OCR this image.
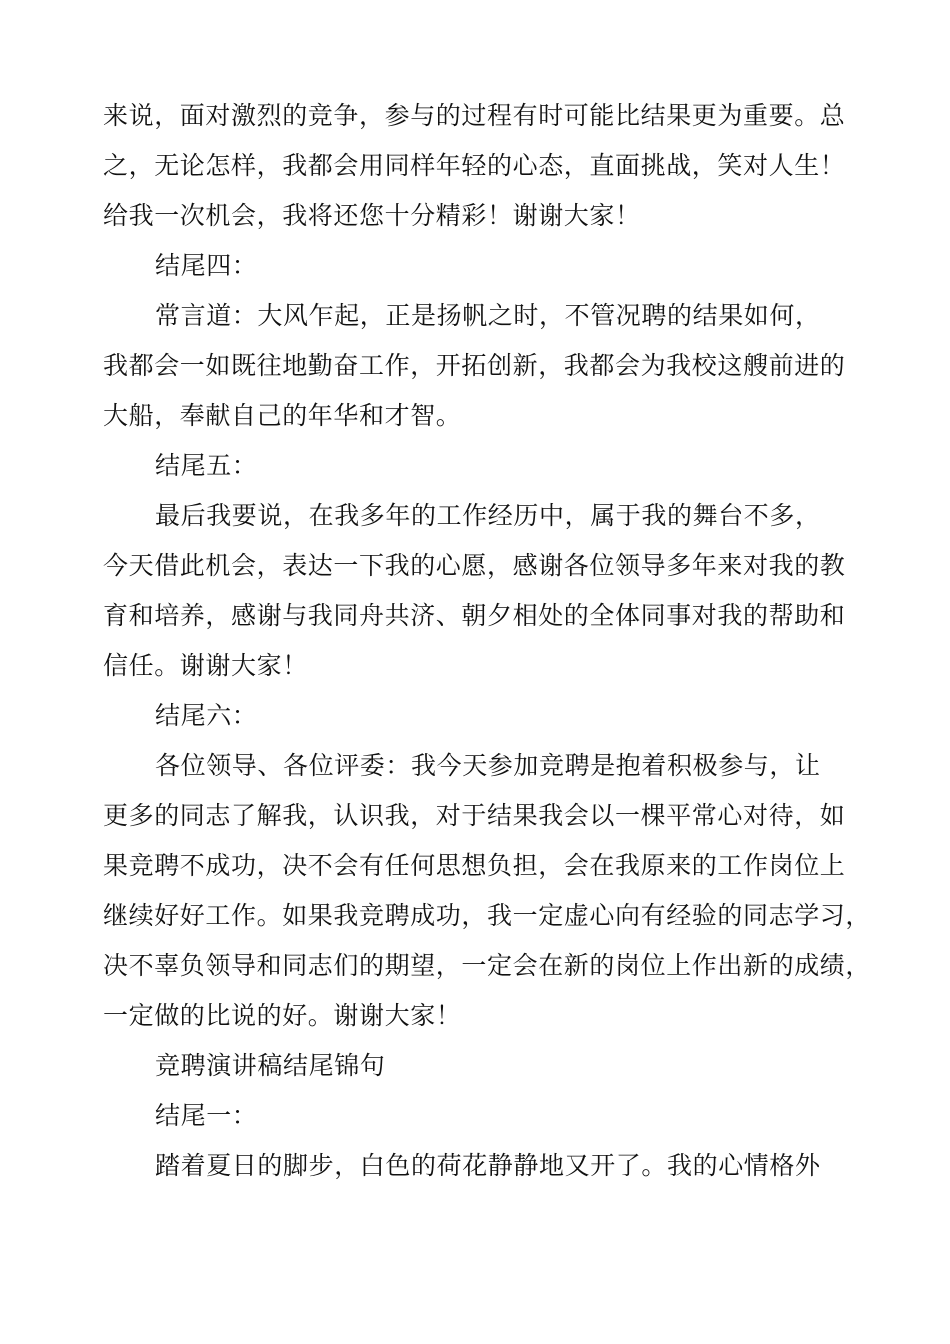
来说，面对激烈的竞争，参与的过程有时可能比结果更为重要。总
之，无论怎样，我都会用同样年轻的心态，直面挑战，笑对人生！
给我一次机会，我将还您十分精彩！谢谢大家！
结尾四：
常言道：大风乍起，正是扬帆之时，不管况聘的结果如何，
我都会一如既往地勤奋工作，开拓创新，我都会为我校这艘前进的
大船，奉献自己的年华和才智。
结尾五：
最后我要说，在我多年的工作经历中，属于我的舞台不多，
今天借此机会，表达一下我的心愿，感谢各位领导多年来对我的教
育和培养，感谢与我同舟共济、朝夕相处的全体同事对我的帮助和
信任。谢谢大家！
结尾六：
各位领导、各位评委：我今天参加竞聘是抱着积极参与，让
更多的同志了解我，认识我，对于结果我会以一棵平常心对待，如
果竞聘不成功，决不会有任何思想负担，会在我原来的工作岗位上
继续好好工作。如果我竞聘成功，我一定虚心向有经验的同志学习，
决不辜负领导和同志们的期望，一定会在新的岗位上作出新的成绩，
一定做的比说的好。谢谢大家！
竞聘演讲稿结尾锦句
结尾一：
踏着夏日的脚步，白色的荷花静静地又开了。我的心情格外
